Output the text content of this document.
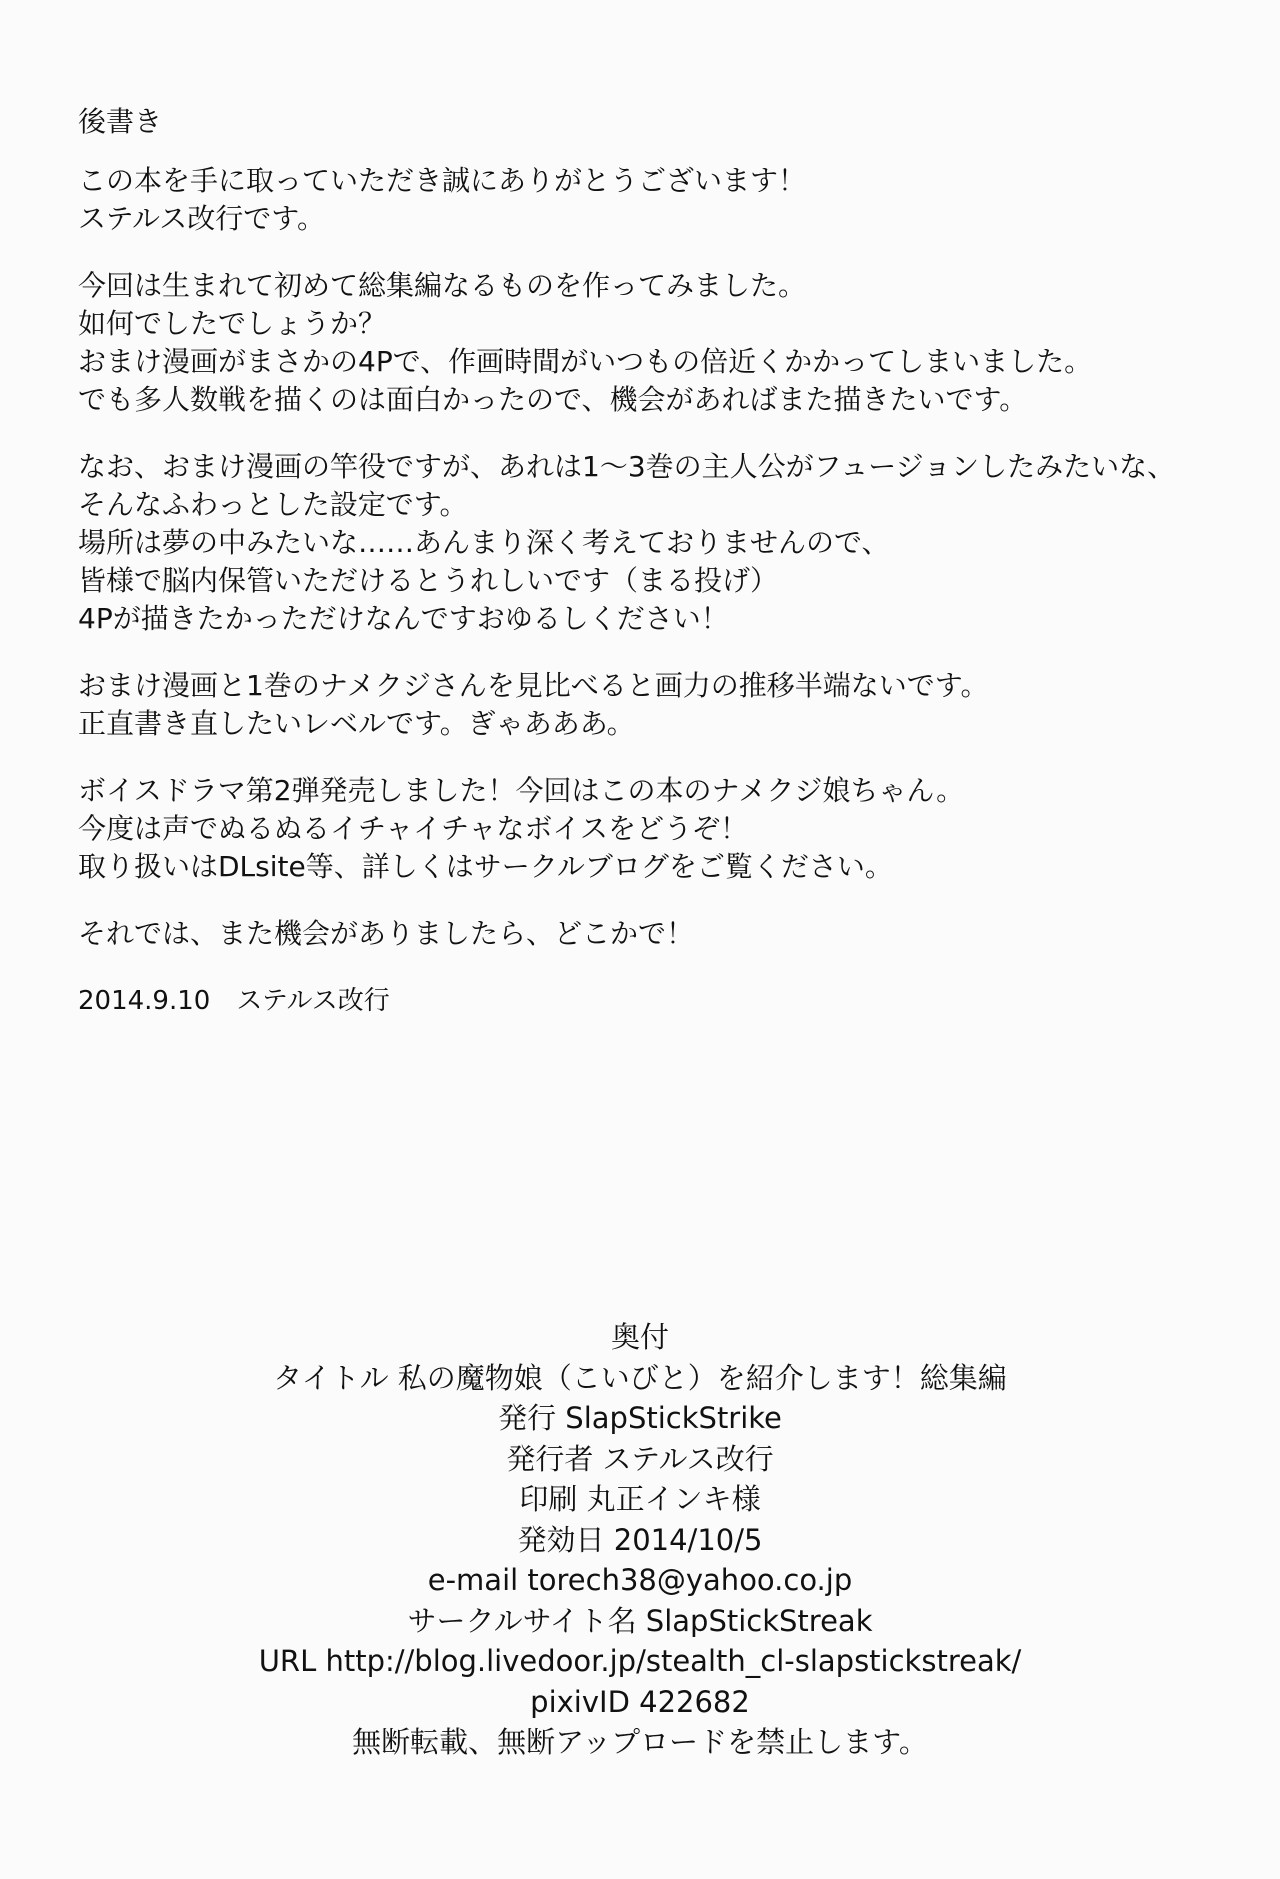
後書き
この本を手に取っていただき誠にありがとうございます！
ステルス改行です。
今回は生まれて初めて総集編なるものを作ってみました。
如何でしたでしょうか？
おまけ漫画がまさかの4Pで、作画時間がいつもの倍近くかかってしまいました。
でも多人数戦を描くのは面白かったので、機会があればまた描きたいです。
なお、おまけ漫画の竿役ですが、あれは1～3巻の主人公がフュージョンしたみたいな、
そんなふわっとした設定です。
場所は夢の中みたいな……あんまり深く考えておりませんので、
皆様で脳内保管いただけるとうれしいです（まる投げ）
4Pが描きたかっただけなんですおゆるしください！
おまけ漫画と1巻のナメクジさんを見比べると画力の推移半端ないです。
正直書き直したいレベルです。ぎゃあああ。
ボイスドラマ第2弾発売しました！今回はこの本のナメクジ娘ちゃん。
今度は声でぬるぬるイチャイチャなボイスをどうぞ！
取り扱いはDLsite等、詳しくはサークルブログをご覧ください。
それでは、また機会がありましたら、どこかで！
2014.9.10　ステルス改行
奥付
タイトル 私の魔物娘（こいびと）を紹介します！総集編
発行 SlapStickStrike
発行者 ステルス改行
印刷 丸正インキ様
発効日 2014/10/5
e-mail torech38@yahoo.co.jp
サークルサイト名 SlapStickStreak
URL http://blog.livedoor.jp/stealth_cl-slapstickstreak/
pixivID 422682
無断転載、無断アップロードを禁止します。
